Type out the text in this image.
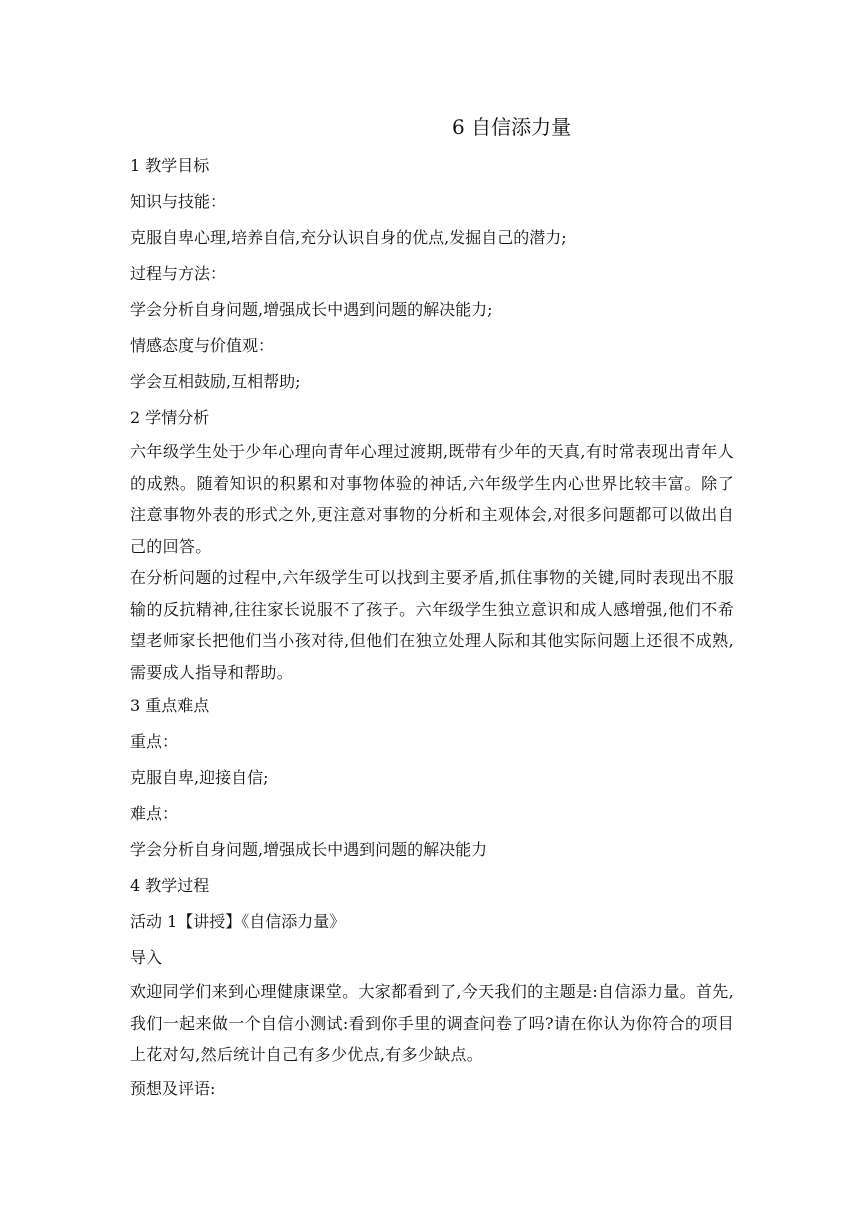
6 自信添力量

1 教学目标

知识与技能：

克服自卑心理,培养自信,充分认识自身的优点,发掘自己的潜力;

过程与方法：

学会分析自身问题,增强成长中遇到问题的解决能力;

情感态度与价值观：

学会互相鼓励,互相帮助;

2 学情分析

六年级学生处于少年心理向青年心理过渡期,既带有少年的天真,有时常表现出青年人的成熟。随着知识的积累和对事物体验的神话,六年级学生内心世界比较丰富。除了注意事物外表的形式之外,更注意对事物的分析和主观体会,对很多问题都可以做出自己的回答。

在分析问题的过程中,六年级学生可以找到主要矛盾,抓住事物的关键,同时表现出不服输的反抗精神,往往家长说服不了孩子。六年级学生独立意识和成人感增强,他们不希望老师家长把他们当小孩对待,但他们在独立处理人际和其他实际问题上还很不成熟,需要成人指导和帮助。

3 重点难点

重点：

克服自卑,迎接自信;

难点：

学会分析自身问题,增强成长中遇到问题的解决能力

4 教学过程

活动 1【讲授】《自信添力量》

导入

欢迎同学们来到心理健康课堂。大家都看到了,今天我们的主题是:自信添力量。首先,我们一起来做一个自信小测试:看到你手里的调查问卷了吗?请在你认为你符合的项目上花对勾,然后统计自己有多少优点,有多少缺点。

预想及评语:
